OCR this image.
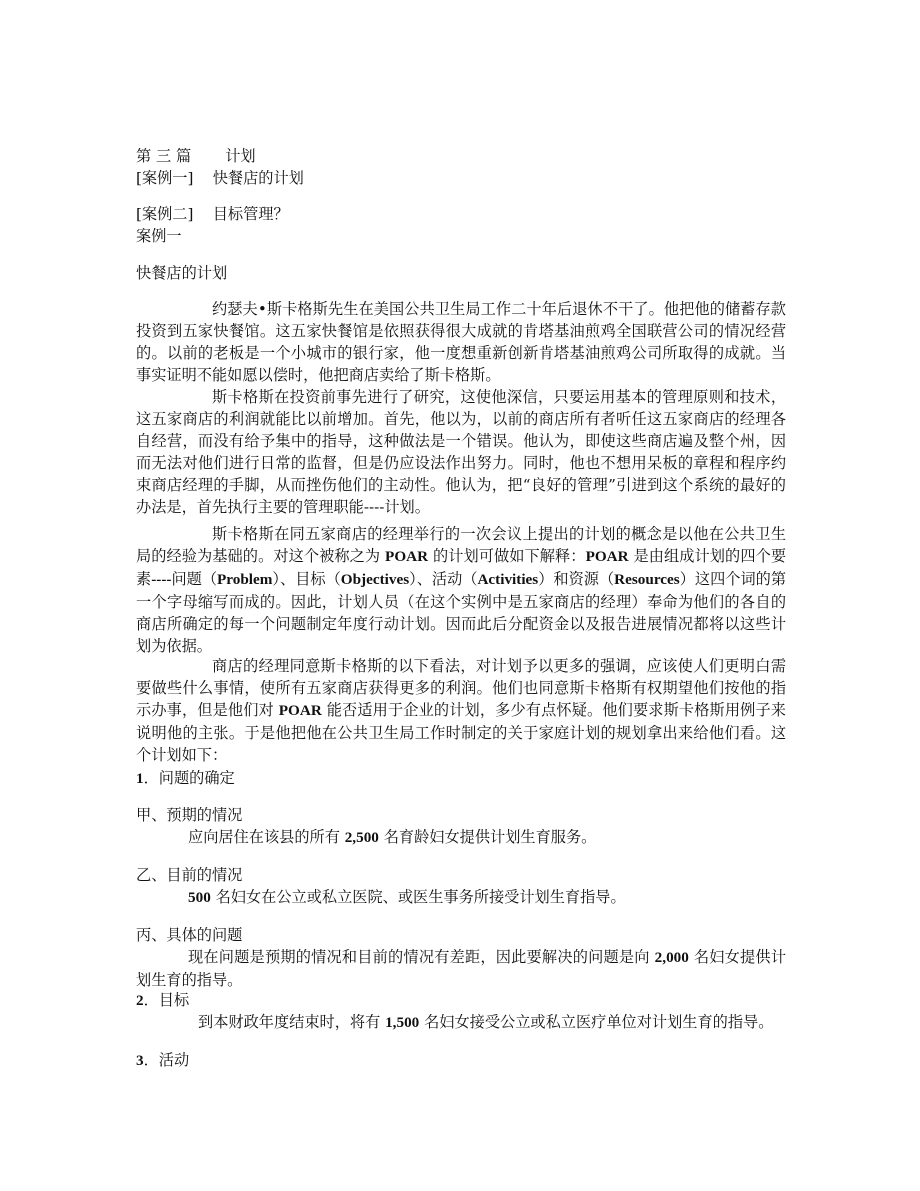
第 三 篇 计划

[案例一] 快餐店的计划

[案例二] 目标管理？

案例一

快餐店的计划

约瑟夫•斯卡格斯先生在美国公共卫生局工作二十年后退休不干了。他把他的储蓄存款投资到五家快餐馆。这五家快餐馆是依照获得很大成就的肯塔基油煎鸡全国联营公司的情况经营的。以前的老板是一个小城市的银行家，他一度想重新创新肯塔基油煎鸡公司所取得的成就。当事实证明不能如愿以偿时，他把商店卖给了斯卡格斯。

斯卡格斯在投资前事先进行了研究，这使他深信，只要运用基本的管理原则和技术，这五家商店的利润就能比以前增加。首先，他以为，以前的商店所有者听任这五家商店的经理各自经营，而没有给予集中的指导，这种做法是一个错误。他认为，即使这些商店遍及整个州，因而无法对他们进行日常的监督，但是仍应设法作出努力。同时，他也不想用呆板的章程和程序约束商店经理的手脚，从而挫伤他们的主动性。他认为，把“良好的管理”引进到这个系统的最好的办法是，首先执行主要的管理职能----计划。

斯卡格斯在同五家商店的经理举行的一次会议上提出的计划的概念是以他在公共卫生局的经验为基础的。对这个被称之为 POAR 的计划可做如下解释：POAR 是由组成计划的四个要素----问题（Problem）、目标（Objectives）、活动（Activities）和资源（Resources）这四个词的第一个字母缩写而成的。因此，计划人员（在这个实例中是五家商店的经理）奉命为他们的各自的商店所确定的每一个问题制定年度行动计划。因而此后分配资金以及报告进展情况都将以这些计划为依据。

商店的经理同意斯卡格斯的以下看法，对计划予以更多的强调，应该使人们更明白需要做些什么事情，使所有五家商店获得更多的利润。他们也同意斯卡格斯有权期望他们按他的指示办事，但是他们对 POAR 能否适用于企业的计划，多少有点怀疑。他们要求斯卡格斯用例子来说明他的主张。于是他把他在公共卫生局工作时制定的关于家庭计划的规划拿出来给他们看。这个计划如下：

1．问题的确定

甲、预期的情况

应向居住在该县的所有 2,500 名育龄妇女提供计划生育服务。

乙、目前的情况

500 名妇女在公立或私立医院、或医生事务所接受计划生育指导。

丙、具体的问题

现在问题是预期的情况和目前的情况有差距，因此要解决的问题是向 2,000 名妇女提供计划生育的指导。

2．目标

到本财政年度结束时，将有 1,500 名妇女接受公立或私立医疗单位对计划生育的指导。

3．活动
